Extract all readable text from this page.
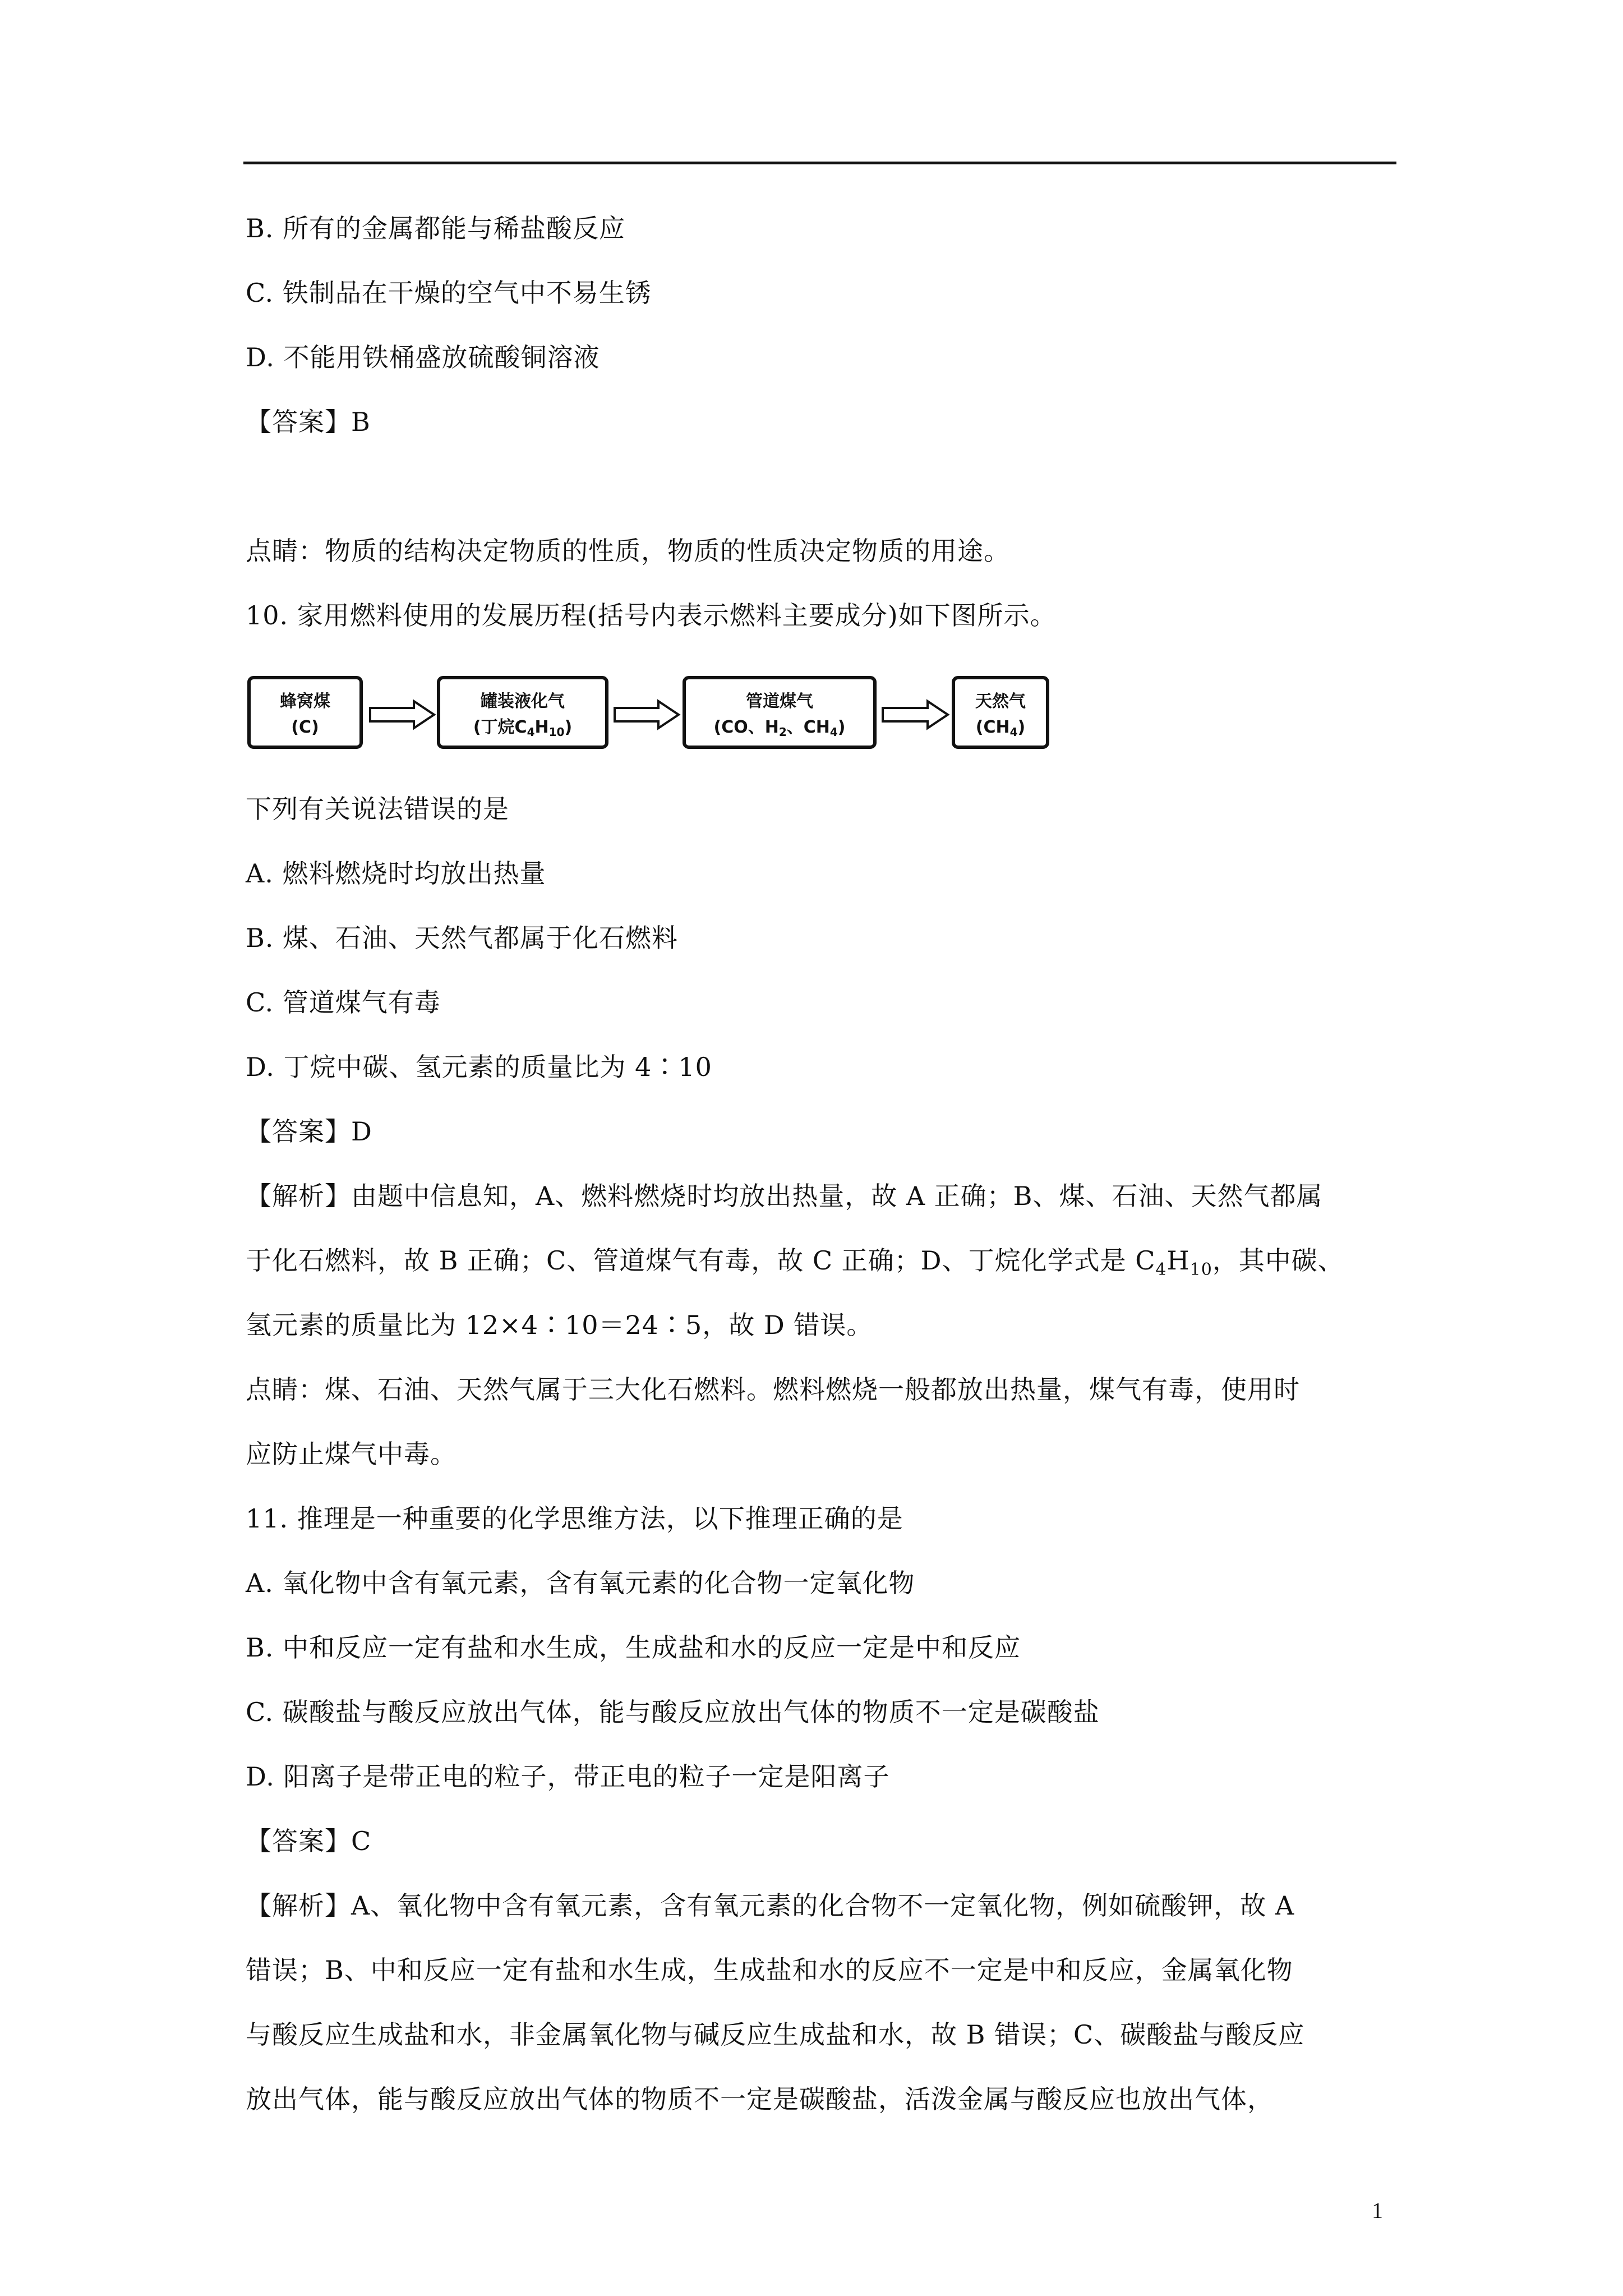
B. 所有的金属都能与稀盐酸反应
C. 铁制品在干燥的空气中不易生锈
D. 不能用铁桶盛放硫酸铜溶液
【答案】B
点睛：物质的结构决定物质的性质，物质的性质决定物质的用途。
10. 家用燃料使用的发展历程(括号内表示燃料主要成分)如下图所示。
蜂窝煤
(C)
罐装液化气
(丁烷$C_4H_{10}$)
管道煤气
(CO、$H_2$、$CH_4$)
天然气
$(CH_4)$
下列有关说法错误的是
A. 燃料燃烧时均放出热量
B. 煤、石油、天然气都属于化石燃料
C. 管道煤气有毒
D. 丁烷中碳、氢元素的质量比为 4∶10
【答案】D
【解析】由题中信息知，A、燃料燃烧时均放出热量，故 A 正确；B、煤、石油、天然气都属
于化石燃料，故 B 正确；C、管道煤气有毒，故 C 正确；D、丁烷化学式是 $C_4H_{10}$，其中碳、
氢元素的质量比为 12×4∶10＝24∶5，故 D 错误。
点睛：煤、石油、天然气属于三大化石燃料。燃料燃烧一般都放出热量，煤气有毒，使用时
应防止煤气中毒。
11. 推理是一种重要的化学思维方法，以下推理正确的是
A. 氧化物中含有氧元素，含有氧元素的化合物一定氧化物
B. 中和反应一定有盐和水生成，生成盐和水的反应一定是中和反应
C. 碳酸盐与酸反应放出气体，能与酸反应放出气体的物质不一定是碳酸盐
D. 阳离子是带正电的粒子，带正电的粒子一定是阳离子
【答案】C
【解析】A、氧化物中含有氧元素，含有氧元素的化合物不一定氧化物，例如硫酸钾，故 A
错误；B、中和反应一定有盐和水生成，生成盐和水的反应不一定是中和反应，金属氧化物
与酸反应生成盐和水，非金属氧化物与碱反应生成盐和水，故 B 错误；C、碳酸盐与酸反应
放出气体，能与酸反应放出气体的物质不一定是碳酸盐，活泼金属与酸反应也放出气体，
1
